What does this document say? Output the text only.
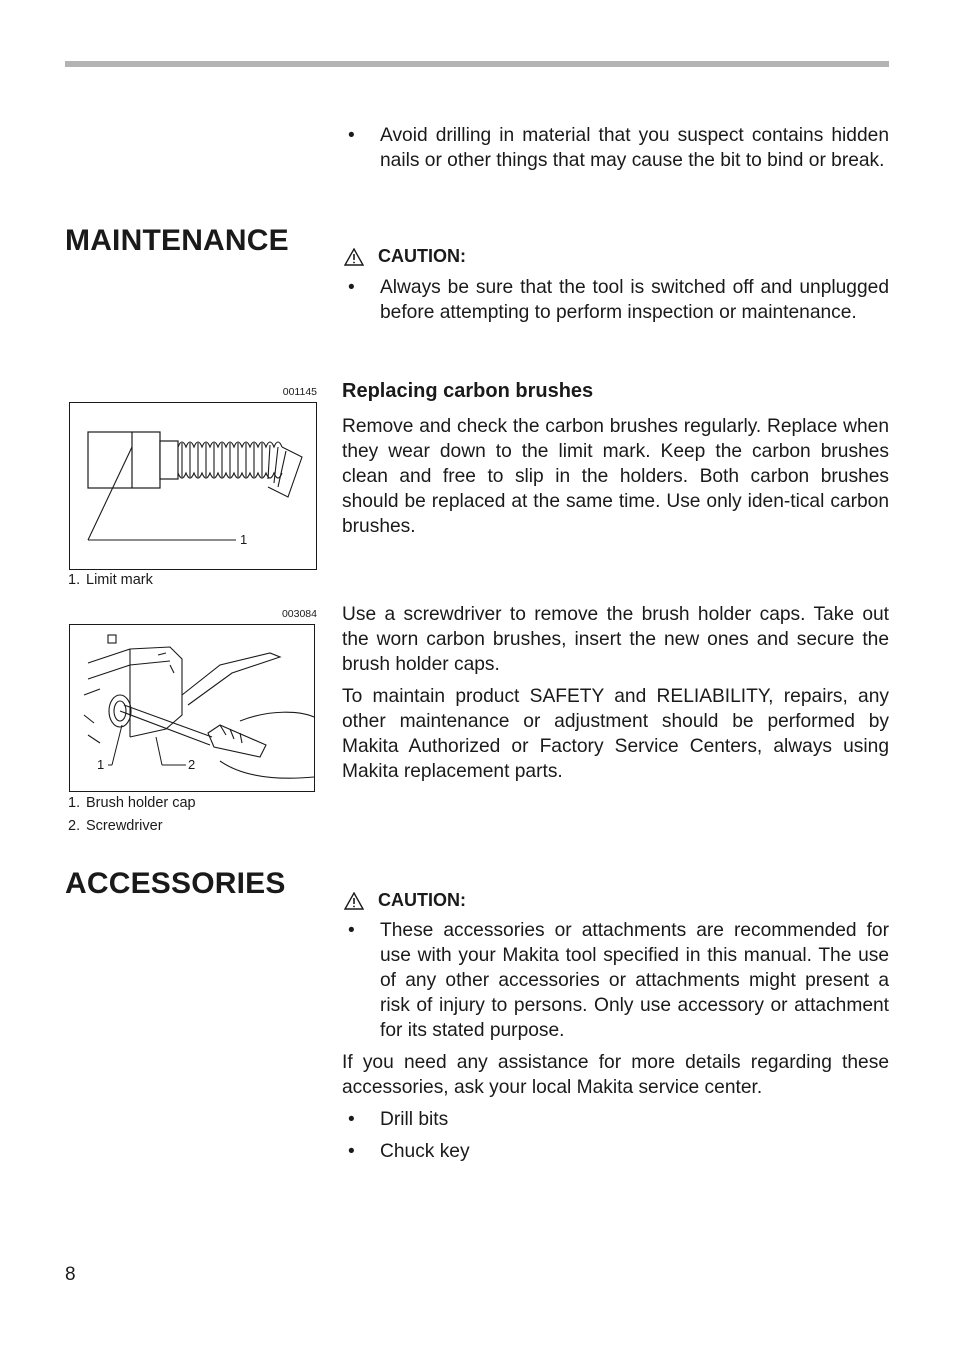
• Avoid drilling in material that you suspect contains hidden nails or other things that may cause the bit to bind or break.
MAINTENANCE	CAUTION:
• Always be sure that the tool is switched off and unplugged before attempting to perform inspection or maintenance.
Replacing carbon brushes

Remove and check the carbon brushes regularly. Replace when they wear down to the limit mark. Keep the carbon brushes clean and free to slip in the holders. Both carbon brushes should be replaced at the same time. Use only iden-tical carbon brushes.

001145
1
1. Limit mark
003084
1	2
1. Brush holder cap
2. Screwdriver

Use a screwdriver to remove the brush holder caps. Take out the worn carbon brushes, insert the new ones and secure the brush holder caps.

To maintain product SAFETY and RELIABILITY, repairs, any other maintenance or adjustment should be performed by Makita Authorized or Factory Service Centers, always using Makita replacement parts.

ACCESSORIES	CAUTION:
• These accessories or attachments are recommended for use with your Makita tool specified in this manual. The use of any other accessories or attachments might present a risk of injury to persons. Only use accessory or attachment for its stated purpose.

If you need any assistance for more details regarding these accessories, ask your local Makita service center.

• Drill bits
• Chuck key
8
